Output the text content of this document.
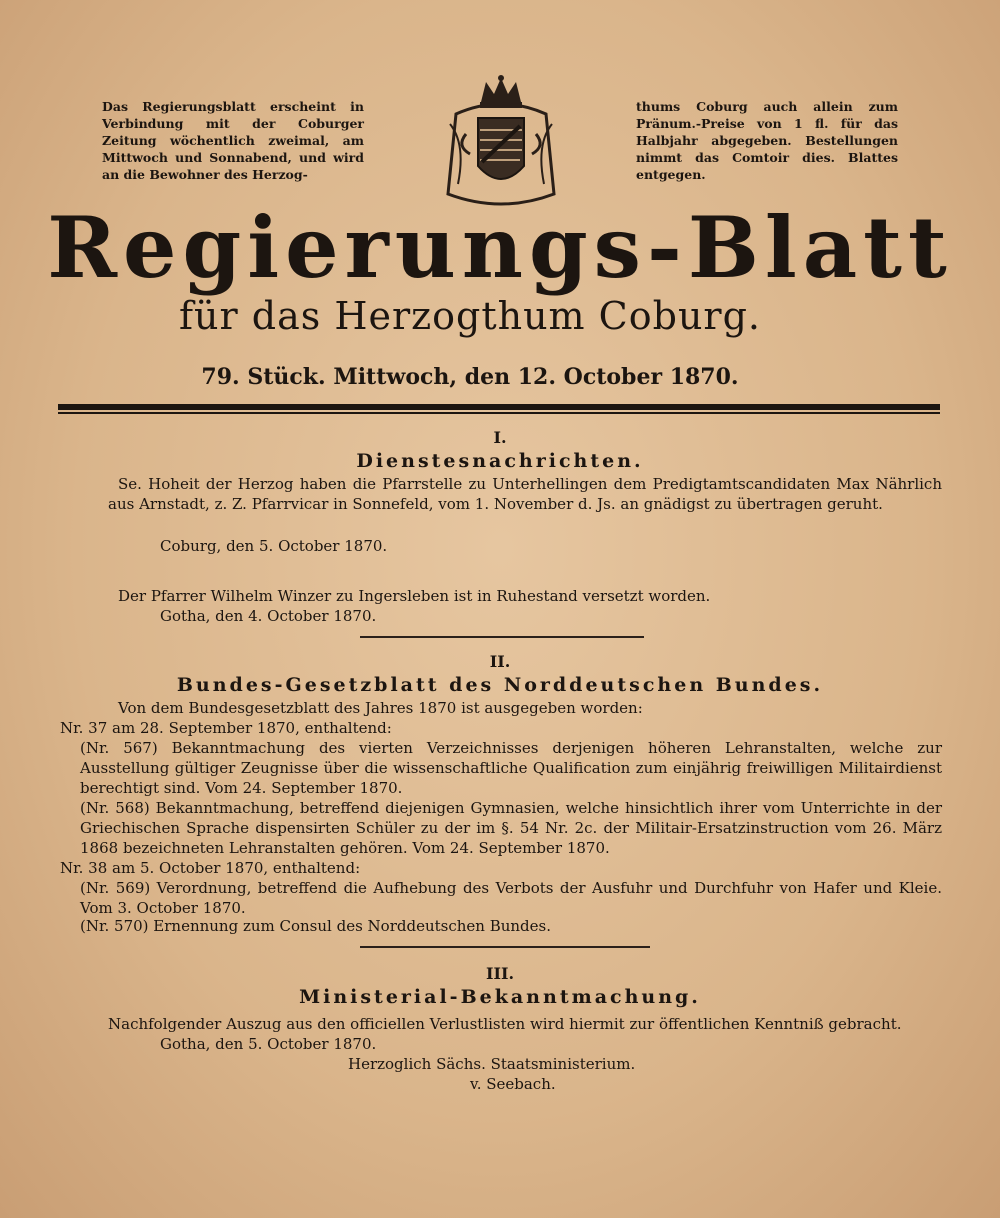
Das Regierungsblatt erscheint in Verbindung mit der Coburger Zeitung wöchentlich zweimal, am Mittwoch und Sonnabend, und wird an die Bewohner des Herzog-
thums Coburg auch allein zum Pränum.-Preise von 1 fl. für das Halbjahr abgegeben. Bestellungen nimmt das Comtoir dies. Blattes entgegen.
Regierungs-Blatt
für das Herzogthum Coburg.
79. Stück. Mittwoch, den 12. October 1870.
I.
Dienstesnachrichten.
Se. Hoheit der Herzog haben die Pfarrstelle zu Unterhellingen dem Predigtamtscandidaten Max Nährlich aus Arnstadt, z. Z. Pfarrvicar in Sonnefeld, vom 1. November d. Js. an gnädigst zu übertragen geruht.
Coburg, den 5. October 1870.
Der Pfarrer Wilhelm Winzer zu Ingersleben ist in Ruhestand versetzt worden.
Gotha, den 4. October 1870.
II.
Bundes-Gesetzblatt des Norddeutschen Bundes.
Von dem Bundesgesetzblatt des Jahres 1870 ist ausgegeben worden:
Nr. 37 am 28. September 1870, enthaltend:
(Nr. 567) Bekanntmachung des vierten Verzeichnisses derjenigen höheren Lehranstalten, welche zur Ausstellung gültiger Zeugnisse über die wissenschaftliche Qualification zum einjährig freiwilligen Militairdienst berechtigt sind. Vom 24. September 1870.
(Nr. 568) Bekanntmachung, betreffend diejenigen Gymnasien, welche hinsichtlich ihrer vom Unterrichte in der Griechischen Sprache dispensirten Schüler zu der im §. 54 Nr. 2c. der Militair-Ersatzinstruction vom 26. März 1868 bezeichneten Lehranstalten gehören. Vom 24. September 1870.
Nr. 38 am 5. October 1870, enthaltend:
(Nr. 569) Verordnung, betreffend die Aufhebung des Verbots der Ausfuhr und Durchfuhr von Hafer und Kleie. Vom 3. October 1870.
(Nr. 570) Ernennung zum Consul des Norddeutschen Bundes.
III.
Ministerial-Bekanntmachung.
Nachfolgender Auszug aus den officiellen Verlustlisten wird hiermit zur öffentlichen Kenntniß gebracht.
Gotha, den 5. October 1870.
Herzoglich Sächs. Staatsministerium.
v. Seebach.
